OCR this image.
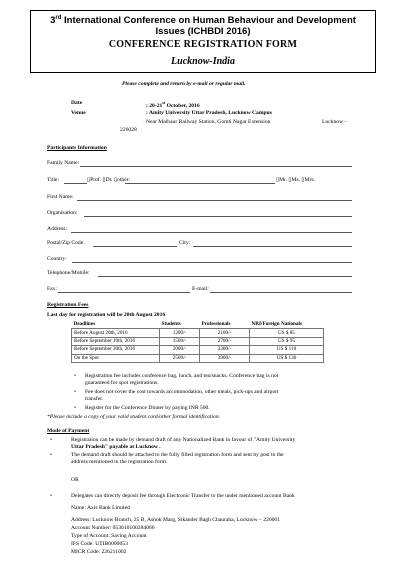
3rd International Conference on Human Behaviour and Development
Issues (ICHBDI 2016)
CONFERENCE REGISTRATION FORM
Lucknow-India
Please complete and return by e-mail or regular mail.
Date	: 20-21st October, 2016
Venue	: Amity University Uttar Pradesh, Lucknow Campus
Near Malhaur Railway Station, Gomti Nagar Extension	Lucknow -
226028
Participants Information
Family Name:
Title:	▯Prof. ▯Dr. ▯other:	▯Mr. ▯Ms. ▯Mrs.
First Name:
Organisation:
Address:
Postal/Zip Code:	City:
Country:
Telephone/Mobile:
Fax:	E-mail:
Registration Fees
Last day for registration will be 20th August 2016
Deadlines	Students	Professionals	NRI/Foreign Nationals
Before August 20th, 2016	1200/-	2100/-	US $ 85
Before September 10th, 2016	1500/-	2700/-	US $ 95
Before September 30th, 2016	2000/-	3300/-	US $ 110
On the Spot	2500/-	3900/-	US $ 130
• Registration fee includes conference bag, lunch, and tea/snacks. Conference bag is not
guaranteed for spot registrations.
• Fee does not cover the cost towards accommodation, other meals, pick-ups and airport
transfer.
• Register for the Conference Dinner by paying INR 500.
*Please include a copy of your valid student card/other formal identification.
Mode of Payment
•	Registration can be made by demand draft of any Nationalized Bank in favour of "Amity University
Uttar Pradesh" payable at Lucknow .
•	The demand draft should be attached to the fully filled registration form and sent by post to the
address mentioned in the registration form.
OR
•	Delegates can directly deposit fee through Electronic Transfer to the under mentioned account Bank
Name: Axis Bank Limited
Address: Lucknow Branch, 25 B, Ashok Marg, Sikander Bagh Chauraha, Lucknow – 226001
Account Number: 053010100284066
Type of Account: Saving Account
IFS Code: UTIB0000053
MICR Code: 226211002
